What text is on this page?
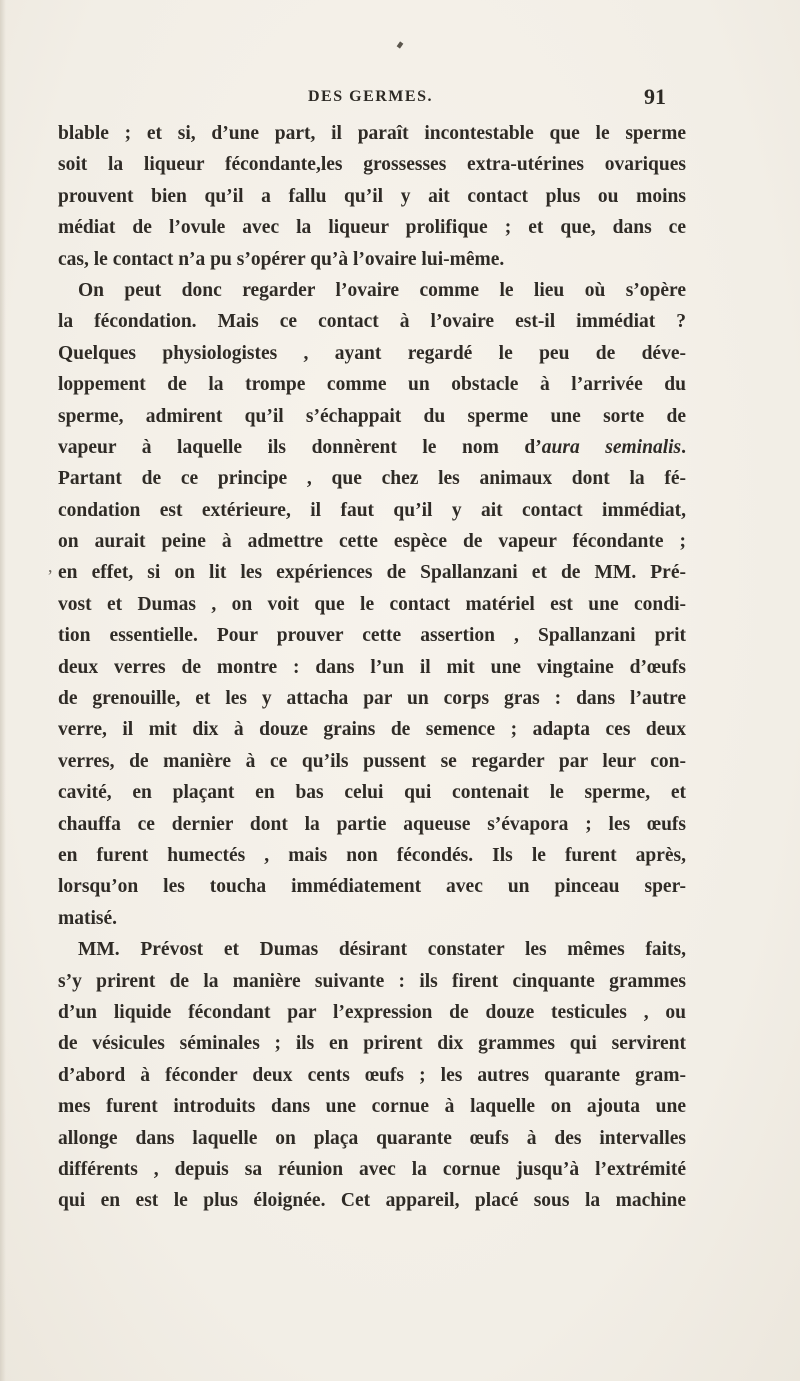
DES GERMES.	91
,
blable ; et si, d’une part, il paraît incontestable que le sperme
soit la liqueur fécondante,les grossesses extra-utérines ovariques
prouvent bien qu’il a fallu qu’il y ait contact plus ou moins
médiat de l’ovule avec la liqueur prolifique ; et que, dans ce
cas, le contact n’a pu s’opérer qu’à l’ovaire lui-même.
On peut donc regarder l’ovaire comme le lieu où s’opère
la fécondation. Mais ce contact à l’ovaire est-il immédiat ?
Quelques physiologistes , ayant regardé le peu de déve-
loppement de la trompe comme un obstacle à l’arrivée du
sperme, admirent qu’il s’échappait du sperme une sorte de
vapeur à laquelle ils donnèrent le nom d’aura seminalis.
Partant de ce principe , que chez les animaux dont la fé-
condation est extérieure, il faut qu’il y ait contact immédiat,
on aurait peine à admettre cette espèce de vapeur fécondante ;
en effet, si on lit les expériences de Spallanzani et de MM. Pré-
vost et Dumas , on voit que le contact matériel est une condi-
tion essentielle. Pour prouver cette assertion , Spallanzani prit
deux verres de montre : dans l’un il mit une vingtaine d’œufs
de grenouille, et les y attacha par un corps gras : dans l’autre
verre, il mit dix à douze grains de semence ; adapta ces deux
verres, de manière à ce qu’ils pussent se regarder par leur con-
cavité, en plaçant en bas celui qui contenait le sperme, et
chauffa ce dernier dont la partie aqueuse s’évapora ; les œufs
en furent humectés , mais non fécondés. Ils le furent après,
lorsqu’on les toucha immédiatement avec un pinceau sper-
matisé.
MM. Prévost et Dumas désirant constater les mêmes faits,
s’y prirent de la manière suivante : ils firent cinquante grammes
d’un liquide fécondant par l’expression de douze testicules , ou
de vésicules séminales ; ils en prirent dix grammes qui servirent
d’abord à féconder deux cents œufs ; les autres quarante gram-
mes furent introduits dans une cornue à laquelle on ajouta une
allonge dans laquelle on plaça quarante œufs à des intervalles
différents , depuis sa réunion avec la cornue jusqu’à l’extrémité
qui en est le plus éloignée. Cet appareil, placé sous la machine
